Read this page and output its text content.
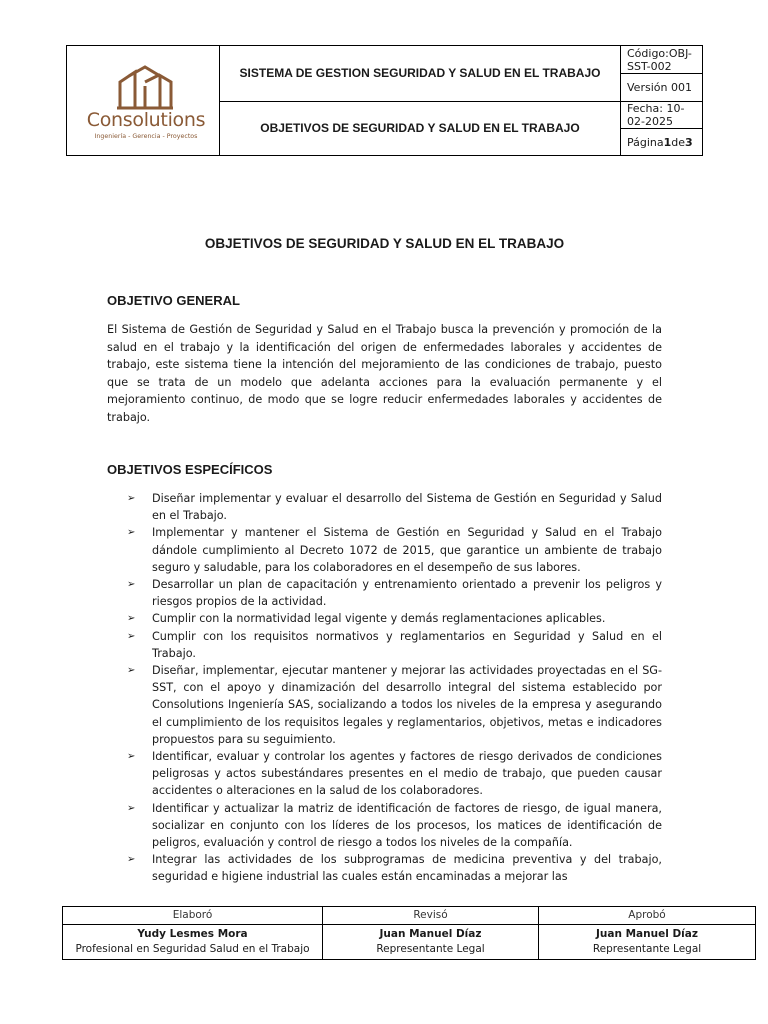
Consolutions
Ingeniería - Gerencia - Proyectos
SISTEMA DE GESTION SEGURIDAD Y SALUD EN EL TRABAJO
OBJETIVOS DE SEGURIDAD Y SALUD EN EL TRABAJO
Código:OBJ-SST-002
Versión 001
Fecha: 10-02-2025
Página 1 de 3
OBJETIVOS DE SEGURIDAD Y SALUD EN EL TRABAJO
OBJETIVO GENERAL

El Sistema de Gestión de Seguridad y Salud en el Trabajo busca la prevención y promoción de la salud en el trabajo y la identificación del origen de enfermedades laborales y accidentes de trabajo, este sistema tiene la intención del mejoramiento de las condiciones de trabajo, puesto que se trata de un modelo que adelanta acciones para la evaluación permanente y el mejoramiento continuo, de modo que se logre reducir enfermedades laborales y accidentes de trabajo.

OBJETIVOS ESPECÍFICOS
➢ Diseñar implementar y evaluar el desarrollo del Sistema de Gestión en Seguridad y Salud en el Trabajo.
➢ Implementar y mantener el Sistema de Gestión en Seguridad y Salud en el Trabajo dándole cumplimiento al Decreto 1072 de 2015, que garantice un ambiente de trabajo seguro y saludable, para los colaboradores en el desempeño de sus labores.
➢ Desarrollar un plan de capacitación y entrenamiento orientado a prevenir los peligros y riesgos propios de la actividad.
➢ Cumplir con la normatividad legal vigente y demás reglamentaciones aplicables.
➢ Cumplir con los requisitos normativos y reglamentarios en Seguridad y Salud en el Trabajo.
➢ Diseñar, implementar, ejecutar mantener y mejorar las actividades proyectadas en el SG-SST, con el apoyo y dinamización del desarrollo integral del sistema establecido por Consolutions Ingeniería SAS, socializando a todos los niveles de la empresa y asegurando el cumplimiento de los requisitos legales y reglamentarios, objetivos, metas e indicadores propuestos para su seguimiento.
➢ Identificar, evaluar y controlar los agentes y factores de riesgo derivados de condiciones peligrosas y actos subestándares presentes en el medio de trabajo, que pueden causar accidentes o alteraciones en la salud de los colaboradores.
➢ Identificar y actualizar la matriz de identificación de factores de riesgo, de igual manera, socializar en conjunto con los líderes de los procesos, los matices de identificación de peligros, evaluación y control de riesgo a todos los niveles de la compañía.
➢ Integrar las actividades de los subprogramas de medicina preventiva y del trabajo, seguridad e higiene industrial las cuales están encaminadas a mejorar las
Elaboró	Revisó	Aprobó
Yudy Lesmes Mora
Profesional en Seguridad Salud en el Trabajo
Juan Manuel Díaz
Representante Legal
Juan Manuel Díaz
Representante Legal
